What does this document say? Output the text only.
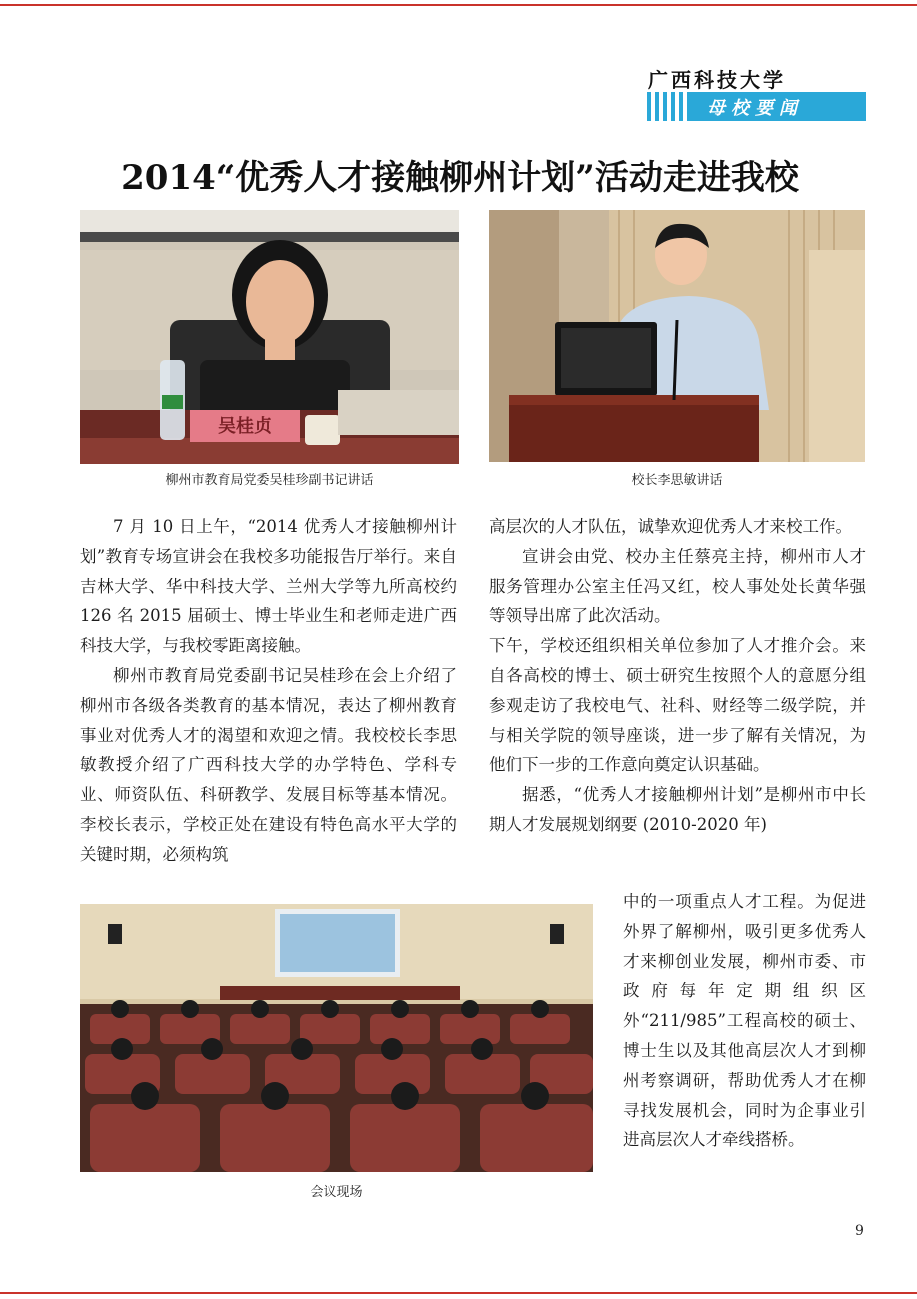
广西科技大学
母校要闻
2014“优秀人才接触柳州计划”活动走进我校
吴桂贞
柳州市教育局党委吴桂珍副书记讲话	校长李思敏讲话

7 月 10 日上午，“2014 优秀人才接触柳州计划”教育专场宣讲会在我校多功能报告厅举行。来自吉林大学、华中科技大学、兰州大学等九所高校约 126 名 2015 届硕士、博士毕业生和老师走进广西科技大学，与我校零距离接触。

柳州市教育局党委副书记吴桂珍在会上介绍了柳州市各级各类教育的基本情况，表达了柳州教育事业对优秀人才的渴望和欢迎之情。我校校长李思敏教授介绍了广西科技大学的办学特色、学科专业、师资队伍、科研教学、发展目标等基本情况。李校长表示，学校正处在建设有特色高水平大学的关键时期，必须构筑

高层次的人才队伍，诚挚欢迎优秀人才来校工作。

宣讲会由党、校办主任蔡亮主持，柳州市人才服务管理办公室主任冯又红，校人事处处长黄华强等领导出席了此次活动。

下午，学校还组织相关单位参加了人才推介会。来自各高校的博士、硕士研究生按照个人的意愿分组参观走访了我校电气、社科、财经等二级学院，并与相关学院的领导座谈，进一步了解有关情况，为他们下一步的工作意向奠定认识基础。

据悉，“优秀人才接触柳州计划”是柳州市中长期人才发展规划纲要 (2010-2020 年)

会议现场

中的一项重点人才工程。为促进外界了解柳州，吸引更多优秀人才来柳创业发展，柳州市委、市政府每年定期组织区外“211/985”工程高校的硕士、博士生以及其他高层次人才到柳州考察调研，帮助优秀人才在柳寻找发展机会，同时为企事业引进高层次人才牵线搭桥。

9
